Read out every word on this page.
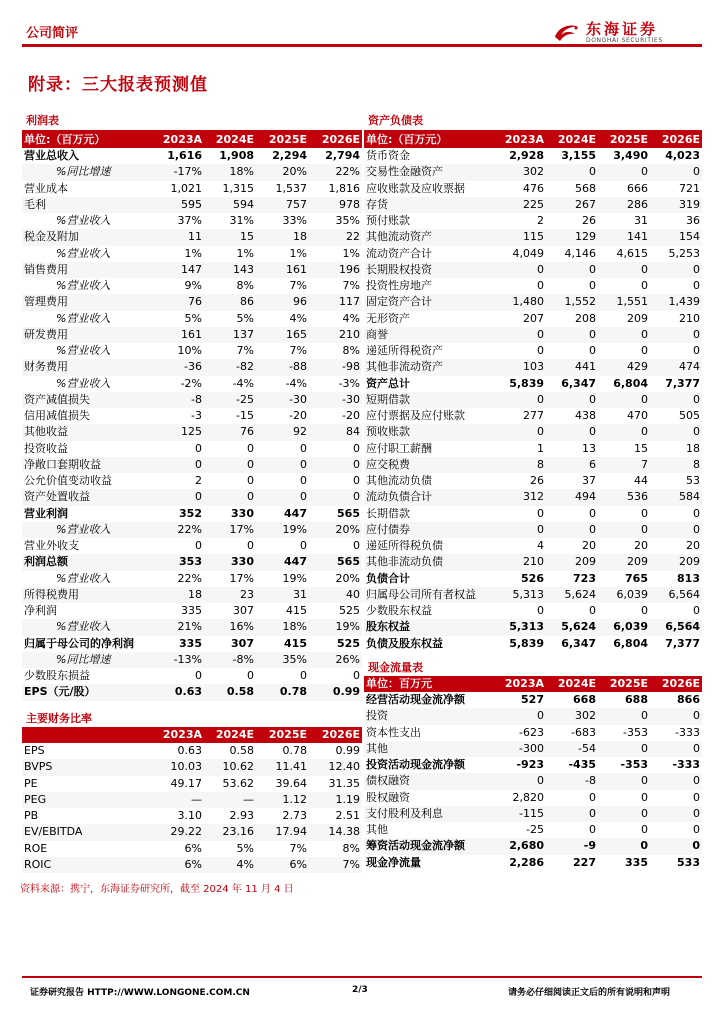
公司简评	东海证券
DONGHAI SECURITIES
附录：三大报表预测值
利润表
单位:（百万元）	2023A	2024E	2025E	2026E
营业总收入	1,616	1,908	2,294	2,794
%同比增速	-17%	18%	20%	22%
营业成本	1,021	1,315	1,537	1,816
毛利	595	594	757	978
%营业收入	37%	31%	33%	35%
税金及附加	11	15	18	22
%营业收入	1%	1%	1%	1%
销售费用	147	143	161	196
%营业收入	9%	8%	7%	7%
管理费用	76	86	96	117
%营业收入	5%	5%	4%	4%
研发费用	161	137	165	210
%营业收入	10%	7%	7%	8%
财务费用	-36	-82	-88	-98
%营业收入	-2%	-4%	-4%	-3%
资产减值损失	-8	-25	-30	-30
信用减值损失	-3	-15	-20	-20
其他收益	125	76	92	84
投资收益	0	0	0	0
净敞口套期收益	0	0	0	0
公允价值变动收益	2	0	0	0
资产处置收益	0	0	0	0
营业利润	352	330	447	565
%营业收入	22%	17%	19%	20%
营业外收支	0	0	0	0
利润总额	353	330	447	565
%营业收入	22%	17%	19%	20%
所得税费用	18	23	31	40
净利润	335	307	415	525
%营业收入	21%	16%	18%	19%
归属于母公司的净利润	335	307	415	525
%同比增速	-13%	-8%	35%	26%
少数股东损益	0	0	0	0
EPS（元/股）	0.63	0.58	0.78	0.99
主要财务比率
	2023A	2024E	2025E	2026E
EPS	0.63	0.58	0.78	0.99
BVPS	10.03	10.62	11.41	12.40
PE	49.17	53.62	39.64	31.35
PEG	—	—	1.12	1.19
PB	3.10	2.93	2.73	2.51
EV/EBITDA	29.22	23.16	17.94	14.38
ROE	6%	5%	7%	8%
ROIC	6%	4%	6%	7%
资产负债表
单位:（百万元）	2023A	2024E	2025E	2026E
货币资金	2,928	3,155	3,490	4,023
交易性金融资产	302	0	0	0
应收账款及应收票据	476	568	666	721
存货	225	267	286	319
预付账款	2	26	31	36
其他流动资产	115	129	141	154
流动资产合计	4,049	4,146	4,615	5,253
长期股权投资	0	0	0	0
投资性房地产	0	0	0	0
固定资产合计	1,480	1,552	1,551	1,439
无形资产	207	208	209	210
商誉	0	0	0	0
递延所得税资产	0	0	0	0
其他非流动资产	103	441	429	474
资产总计	5,839	6,347	6,804	7,377
短期借款	0	0	0	0
应付票据及应付账款	277	438	470	505
预收账款	0	0	0	0
应付职工薪酬	1	13	15	18
应交税费	8	6	7	8
其他流动负债	26	37	44	53
流动负债合计	312	494	536	584
长期借款	0	0	0	0
应付债券	0	0	0	0
递延所得税负债	4	20	20	20
其他非流动负债	210	209	209	209
负债合计	526	723	765	813
归属母公司所有者权益	5,313	5,624	6,039	6,564
少数股东权益	0	0	0	0
股东权益	5,313	5,624	6,039	6,564
负债及股东权益	5,839	6,347	6,804	7,377
现金流量表
单位：百万元	2023A	2024E	2025E	2026E
经营活动现金流净额	527	668	688	866
投资	0	302	0	0
资本性支出	-623	-683	-353	-333
其他	-300	-54	0	0
投资活动现金流净额	-923	-435	-353	-333
债权融资	0	-8	0	0
股权融资	2,820	0	0	0
支付股利及利息	-115	0	0	0
其他	-25	0	0	0
筹资活动现金流净额	2,680	-9	0	0
现金净流量	2,286	227	335	533
资料来源：携宁，东海证券研究所，截至 2024 年 11 月 4 日
证券研究报告 HTTP://WWW.LONGONE.COM.CN	2/3	请务必仔细阅读正文后的所有说明和声明
